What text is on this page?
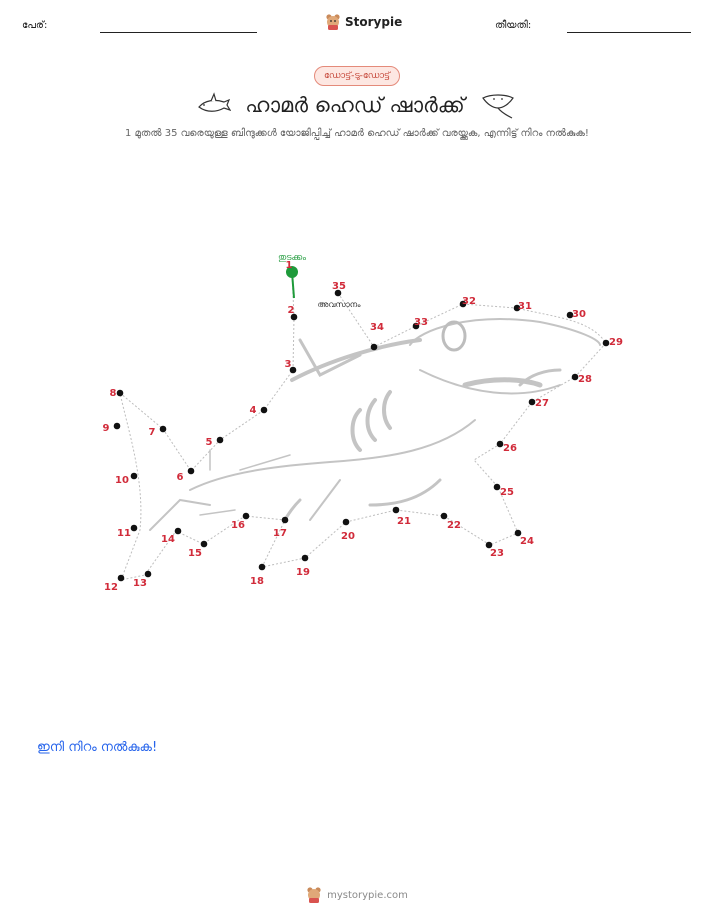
പേര്:	Storypie	തീയതി:
ഡോട്ട്-ടു-ഡോട്ട്
ഹാമർ ഹെഡ് ഷാർക്ക്
1 മുതൽ 35 വരെയുള്ള ബിന്ദുക്കൾ യോജിപ്പിച്ച് ഹാമർ ഹെഡ് ഷാർക്ക് വരയ്ക്കുക, എന്നിട്ട് നിറം നൽകുക!
തുടക്കം
അവസാനം
1
2
3
4
5
6
7
8
9
10
11
12 13
14
15
16
17
18
19
20
21	22
23
24
25
26
27
28
29
30
31
32
33
34
35
ഇനി നിറം നൽകുക!
mystorypie.com
